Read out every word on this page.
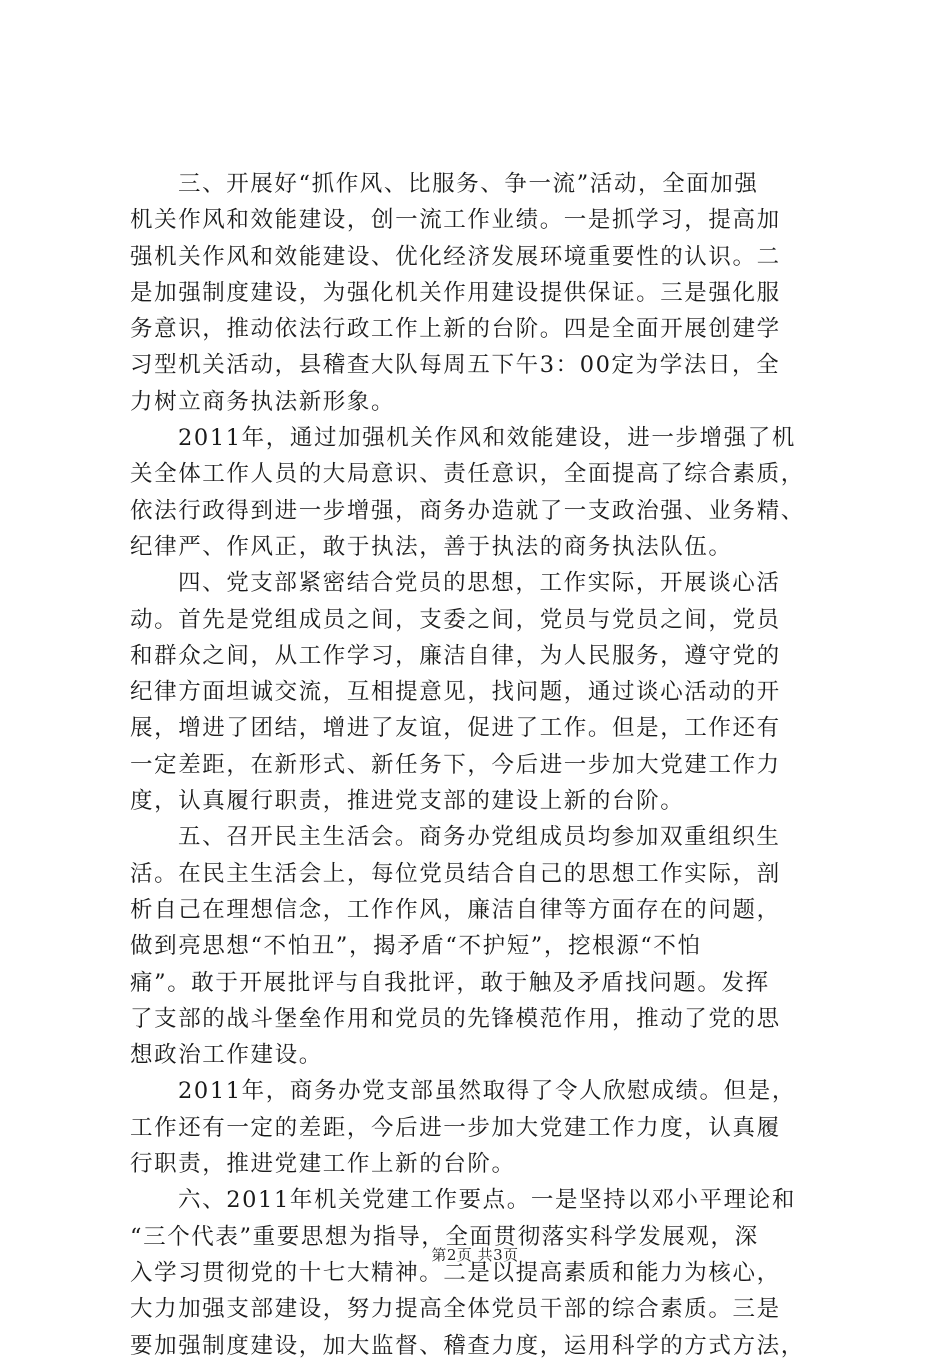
三、开展好“抓作风、比服务、争一流”活动，全面加强
机关作风和效能建设，创一流工作业绩。一是抓学习，提高加
强机关作风和效能建设、优化经济发展环境重要性的认识。二
是加强制度建设，为强化机关作用建设提供保证。三是强化服
务意识，推动依法行政工作上新的台阶。四是全面开展创建学
习型机关活动，县稽查大队每周五下午3：00定为学法日，全
力树立商务执法新形象。
2011年，通过加强机关作风和效能建设，进一步增强了机
关全体工作人员的大局意识、责任意识，全面提高了综合素质，
依法行政得到进一步增强，商务办造就了一支政治强、业务精、
纪律严、作风正，敢于执法，善于执法的商务执法队伍。
四、党支部紧密结合党员的思想，工作实际，开展谈心活
动。首先是党组成员之间，支委之间，党员与党员之间，党员
和群众之间，从工作学习，廉洁自律，为人民服务，遵守党的
纪律方面坦诚交流，互相提意见，找问题，通过谈心活动的开
展，增进了团结，增进了友谊，促进了工作。但是，工作还有
一定差距，在新形式、新任务下，今后进一步加大党建工作力
度，认真履行职责，推进党支部的建设上新的台阶。
五、召开民主生活会。商务办党组成员均参加双重组织生
活。在民主生活会上，每位党员结合自己的思想工作实际，剖
析自己在理想信念，工作作风，廉洁自律等方面存在的问题，
做到亮思想“不怕丑”，揭矛盾“不护短”，挖根源“不怕
痛”。敢于开展批评与自我批评，敢于触及矛盾找问题。发挥
了支部的战斗堡垒作用和党员的先锋模范作用，推动了党的思
想政治工作建设。
2011年，商务办党支部虽然取得了令人欣慰成绩。但是，
工作还有一定的差距，今后进一步加大党建工作力度，认真履
行职责，推进党建工作上新的台阶。
六、2011年机关党建工作要点。一是坚持以邓小平理论和
“三个代表”重要思想为指导，全面贯彻落实科学发展观，深
入学习贯彻党的十七大精神。二是以提高素质和能力为核心，
大力加强支部建设，努力提高全体党员干部的综合素质。三是
要加强制度建设，加大监督、稽查力度，运用科学的方式方法，
第2页 共3页
